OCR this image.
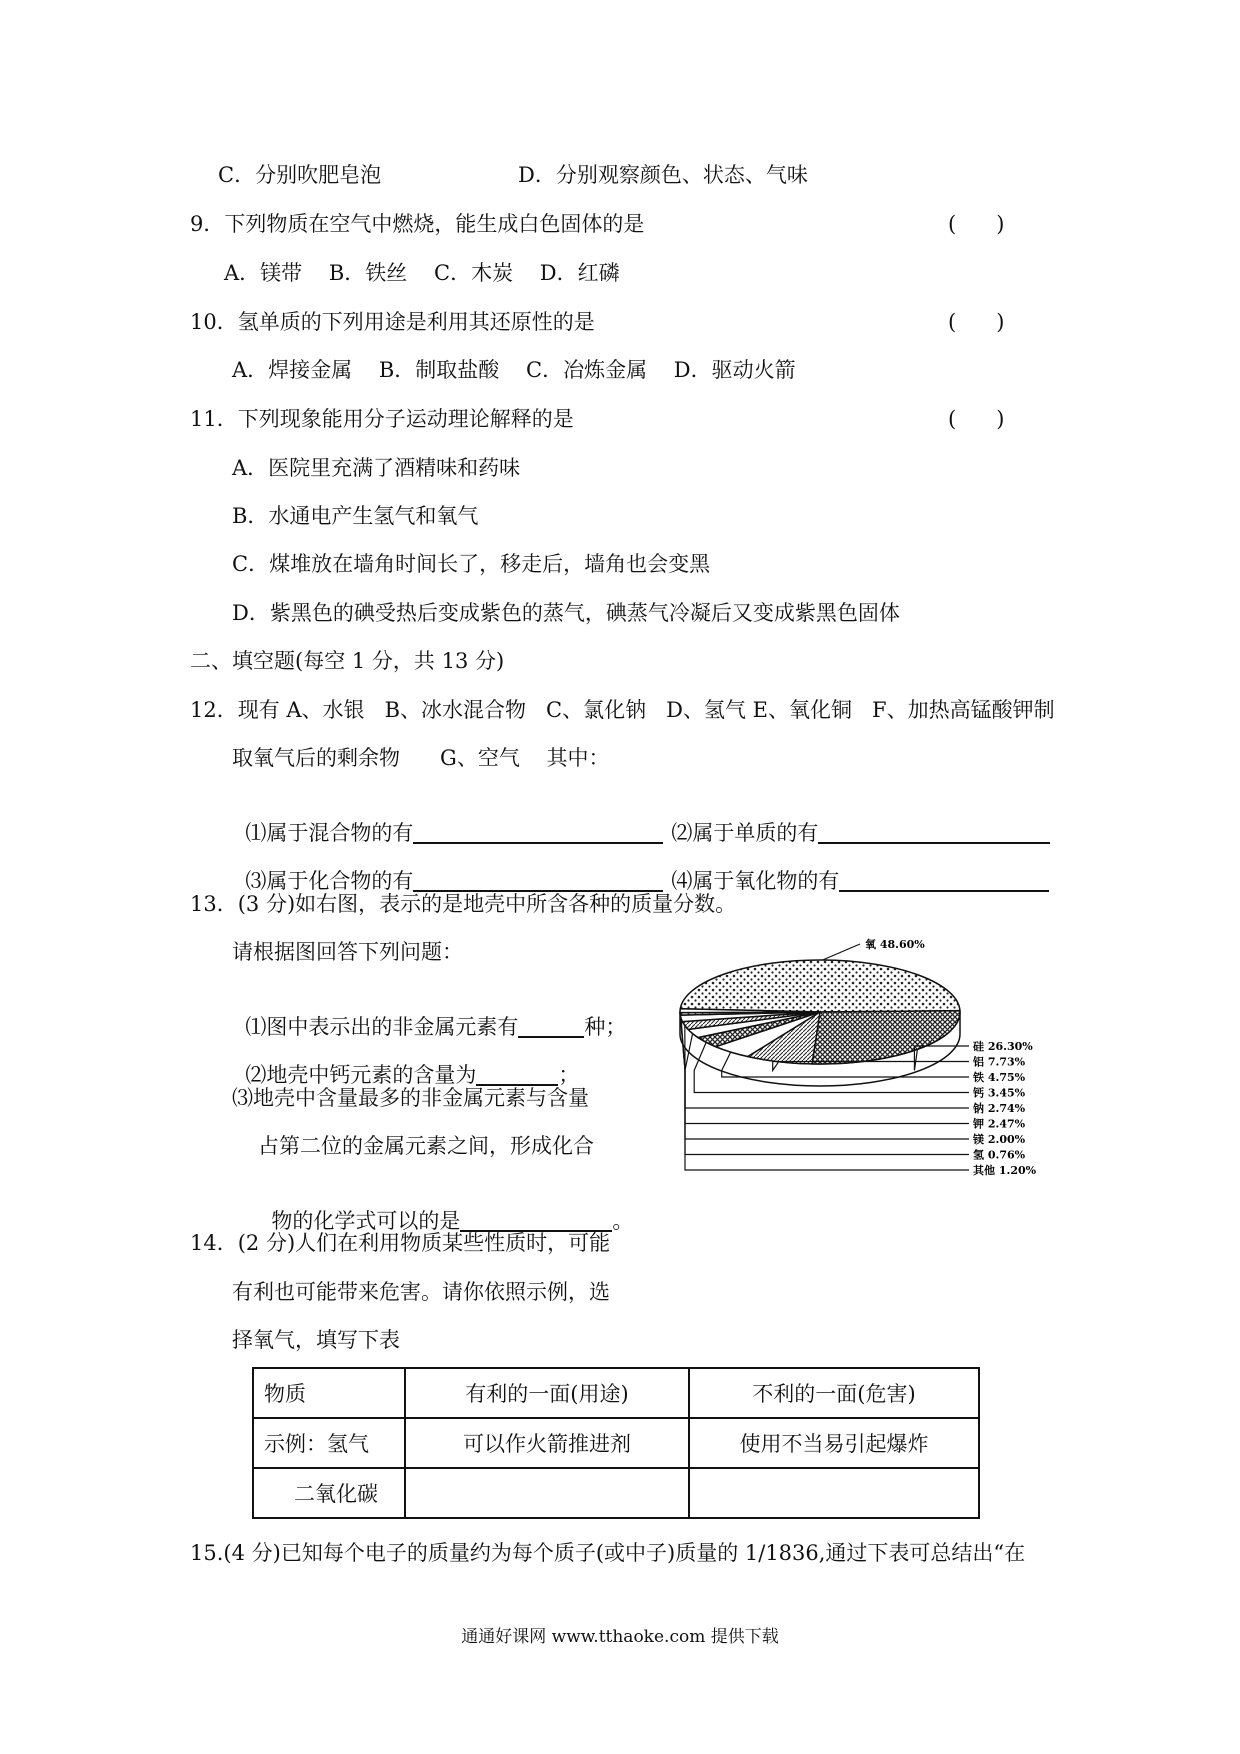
C．分别吹肥皂泡	D．分别观察颜色、状态、气味
9．下列物质在空气中燃烧，能生成白色固体的是	(      )
A．镁带    B．铁丝    C．木炭    D．红磷
10．氢单质的下列用途是利用其还原性的是	(      )
A．焊接金属    B．制取盐酸    C．冶炼金属    D．驱动火箭
11．下列现象能用分子运动理论解释的是	(      )
A．医院里充满了酒精味和药味
B．水通电产生氢气和氧气
C．煤堆放在墙角时间长了，移走后，墙角也会变黑
D．紫黑色的碘受热后变成紫色的蒸气，碘蒸气冷凝后又变成紫黑色固体
二、填空题(每空 1 分，共 13 分)
12．现有 A、水银   B、冰水混合物   C、氯化钠   D、氢气 E、氧化铜   F、加热高锰酸钾制
取氧气后的剩余物      G、空气    其中：

⑴属于混合物的有	⑵属于单质的有

⑶属于化合物的有	⑷属于氧化物的有

13．(3 分)如右图，表示的是地壳中所含各种的质量分数。
请根据图回答下列问题：

⑴图中表示出的非金属元素有	种；

⑵地壳中钙元素的含量为	；

⑶地壳中含量最多的非金属元素与含量
占第二位的金属元素之间，形成化合

物的化学式可以的是	。

氧 48.60%
硅 26.30%
铝 7.73%
铁 4.75%
钙 3.45%
钠 2.74%
钾 2.47%
镁 2.00%
氢 0.76%
其他 1.20%
14．(2 分)人们在利用物质某些性质时，可能
有利也可能带来危害。请你依照示例，选
择氧气，填写下表
物质	有利的一面(用途)	不利的一面(危害)
示例：氢气	可以作火箭推进剂	使用不当易引起爆炸
二氧化碳		
15.(4 分)已知每个电子的质量约为每个质子(或中子)质量的 1/1836,通过下表可总结出“在
通通好课网 www.tthaoke.com 提供下载
